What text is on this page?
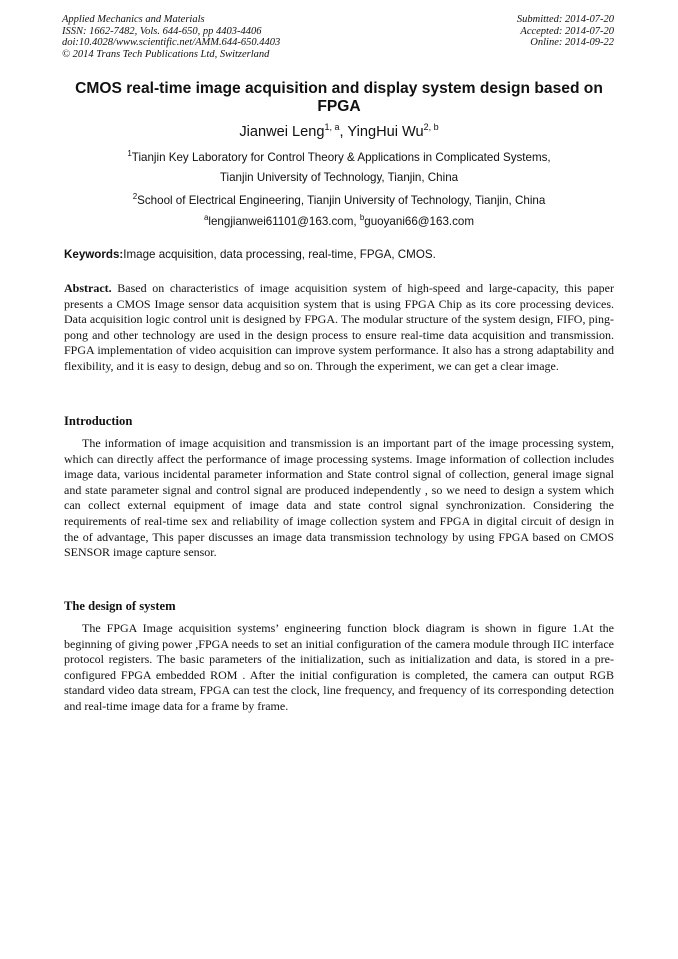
Applied Mechanics and Materials
ISSN: 1662-7482, Vols. 644-650, pp 4403-4406
doi:10.4028/www.scientific.net/AMM.644-650.4403
© 2014 Trans Tech Publications Ltd, Switzerland
Submitted: 2014-07-20
Accepted: 2014-07-20
Online: 2014-09-22
CMOS real-time image acquisition and display system design based on FPGA
Jianwei Leng$^{1, a}$, YingHui Wu$^{2, b}$
$^1$Tianjin Key Laboratory for Control Theory & Applications in Complicated Systems,
Tianjin University of Technology, Tianjin, China
$^2$School of Electrical Engineering, Tianjin University of Technology, Tianjin, China
$^a$lengjianwei61101@163.com, $^b$guoyani66@163.com
Keywords:Image acquisition, data processing, real-time, FPGA, CMOS.
Abstract. Based on characteristics of image acquisition system of high-speed and large-capacity, this paper presents a CMOS Image sensor data acquisition system that is using FPGA Chip as its core processing devices. Data acquisition logic control unit is designed by FPGA. The modular structure of the system design, FIFO, ping-pong and other technology are used in the design process to ensure real-time data acquisition and transmission. FPGA implementation of video acquisition can improve system performance. It also has a strong adaptability and flexibility, and it is easy to design, debug and so on. Through the experiment, we can get a clear image.
Introduction
The information of image acquisition and transmission is an important part of the image processing system, which can directly affect the performance of image processing systems. Image information of collection includes image data, various incidental parameter information and State control signal of collection, general image signal and state parameter signal and control signal are produced independently , so we need to design a system which can collect external equipment of image data and state control signal synchronization. Considering the requirements of real-time sex and reliability of image collection system and FPGA in digital circuit of design in the of advantage, This paper discusses an image data transmission technology by using FPGA based on CMOS SENSOR image capture sensor.
The design of system
The FPGA Image acquisition systems’ engineering function block diagram is shown in figure 1.At the beginning of giving power ,FPGA needs to set an initial configuration of the camera module through IIC interface protocol registers. The basic parameters of the initialization, such as initialization and data, is stored in a pre-configured FPGA embedded ROM . After the initial configuration is completed, the camera can output RGB standard video data stream, FPGA can test the clock, line frequency, and frequency of its corresponding detection and real-time image data for a frame by frame.
